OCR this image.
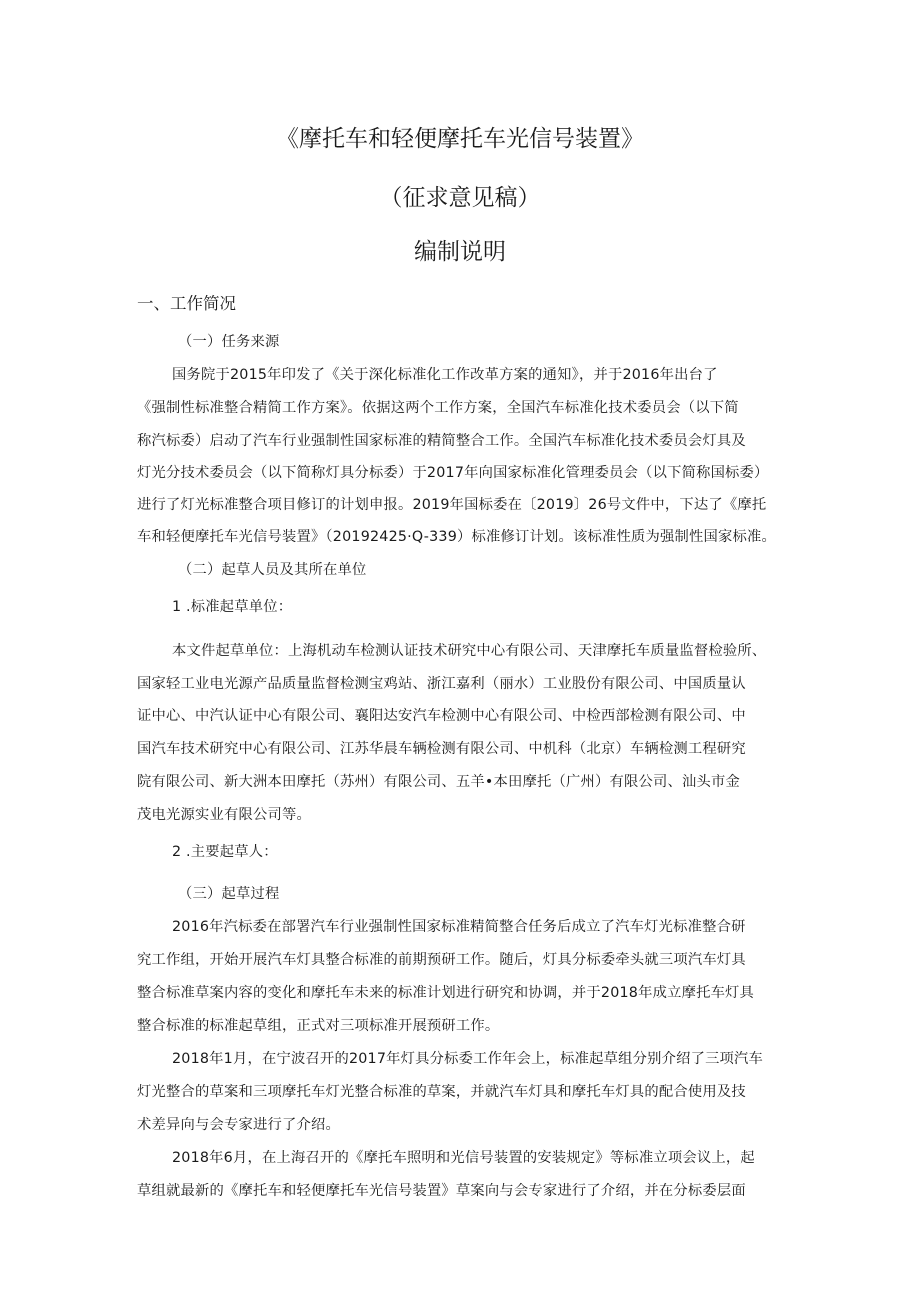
《摩托车和轻便摩托车光信号装置》
（征求意见稿）
编制说明
一、工作简况
（一）任务来源
国务院于2015年印发了《关于深化标准化工作改革方案的通知》，并于2016年出台了
《强制性标准整合精简工作方案》。依据这两个工作方案，全国汽车标准化技术委员会（以下简
称汽标委）启动了汽车行业强制性国家标准的精简整合工作。全国汽车标准化技术委员会灯具及
灯光分技术委员会（以下简称灯具分标委）于2017年向国家标准化管理委员会（以下简称国标委）
进行了灯光标准整合项目修订的计划申报。2019年国标委在〔2019〕26号文件中，下达了《摩托
车和轻便摩托车光信号装置》（20192425·Q-339）标准修订计划。该标准性质为强制性国家标准。
（二）起草人员及其所在单位
1 .标准起草单位：
本文件起草单位：上海机动车检测认证技术研究中心有限公司、天津摩托车质量监督检验所、
国家轻工业电光源产品质量监督检测宝鸡站、浙江嘉利（丽水）工业股份有限公司、中国质量认
证中心、中汽认证中心有限公司、襄阳达安汽车检测中心有限公司、中检西部检测有限公司、中
国汽车技术研究中心有限公司、江苏华晨车辆检测有限公司、中机科（北京）车辆检测工程研究
院有限公司、新大洲本田摩托（苏州）有限公司、五羊•本田摩托（广州）有限公司、汕头市金
茂电光源实业有限公司等。
2 .主要起草人：
（三）起草过程
2016年汽标委在部署汽车行业强制性国家标准精简整合任务后成立了汽车灯光标准整合研
究工作组，开始开展汽车灯具整合标准的前期预研工作。随后，灯具分标委牵头就三项汽车灯具
整合标准草案内容的变化和摩托车未来的标准计划进行研究和协调，并于2018年成立摩托车灯具
整合标准的标准起草组，正式对三项标准开展预研工作。
2018年1月，在宁波召开的2017年灯具分标委工作年会上，标准起草组分别介绍了三项汽车
灯光整合的草案和三项摩托车灯光整合标准的草案，并就汽车灯具和摩托车灯具的配合使用及技
术差异向与会专家进行了介绍。
2018年6月，在上海召开的《摩托车照明和光信号装置的安装规定》等标准立项会议上，起
草组就最新的《摩托车和轻便摩托车光信号装置》草案向与会专家进行了介绍，并在分标委层面
